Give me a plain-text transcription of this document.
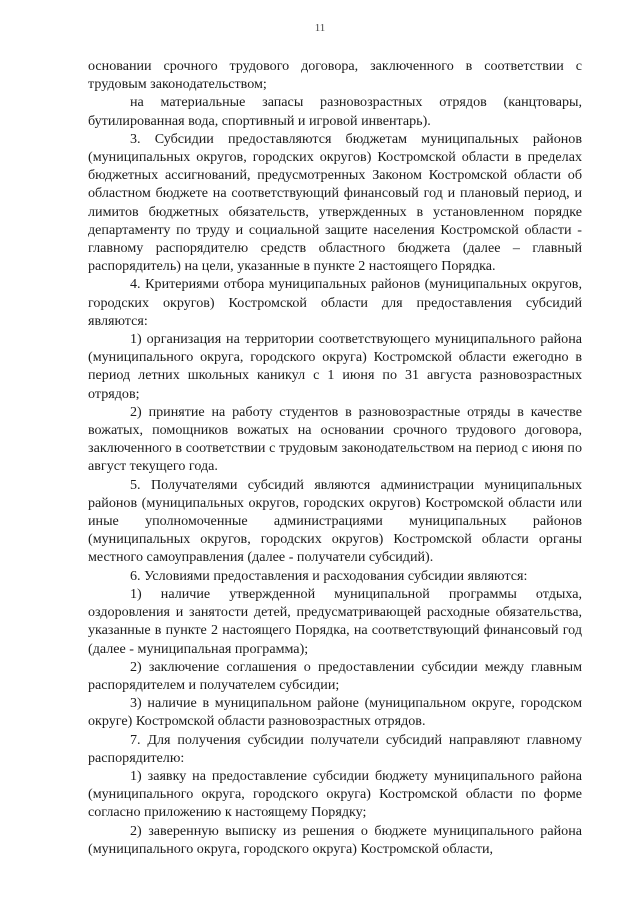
11

основании срочного трудового договора, заключенного в соответствии с трудовым законодательством;

на материальные запасы разновозрастных отрядов (канцтовары, бутилированная вода, спортивный и игровой инвентарь).

3. Субсидии предоставляются бюджетам муниципальных районов (муниципальных округов, городских округов) Костромской области в пределах бюджетных ассигнований, предусмотренных Законом Костромской области об областном бюджете на соответствующий финансовый год и плановый период, и лимитов бюджетных обязательств, утвержденных в установленном порядке департаменту по труду и социальной защите населения Костромской области - главному распорядителю средств областного бюджета (далее – главный распорядитель) на цели, указанные в пункте 2 настоящего Порядка.

4. Критериями отбора муниципальных районов (муниципальных округов, городских округов) Костромской области для предоставления субсидий являются:

1) организация на территории соответствующего муниципального района (муниципального округа, городского округа) Костромской области ежегодно в период летних школьных каникул с 1 июня по 31 августа разновозрастных отрядов;

2) принятие на работу студентов в разновозрастные отряды в качестве вожатых, помощников вожатых на основании срочного трудового договора, заключенного в соответствии с трудовым законодательством на период с июня по август текущего года.

5. Получателями субсидий являются администрации муниципальных районов (муниципальных округов, городских округов) Костромской области или иные уполномоченные администрациями муниципальных районов (муниципальных округов, городских округов) Костромской области органы местного самоуправления (далее - получатели субсидий).

6. Условиями предоставления и расходования субсидии являются:

1) наличие утвержденной муниципальной программы отдыха, оздоровления и занятости детей, предусматривающей расходные обязательства, указанные в пункте 2 настоящего Порядка, на соответствующий финансовый год (далее - муниципальная программа);

2) заключение соглашения о предоставлении субсидии между главным распорядителем и получателем субсидии;

3) наличие в муниципальном районе (муниципальном округе, городском округе) Костромской области разновозрастных отрядов.

7. Для получения субсидии получатели субсидий направляют главному распорядителю:

1) заявку на предоставление субсидии бюджету муниципального района (муниципального округа, городского округа) Костромской области по форме согласно приложению к настоящему Порядку;

2) заверенную выписку из решения о бюджете муниципального района (муниципального округа, городского округа) Костромской области,
